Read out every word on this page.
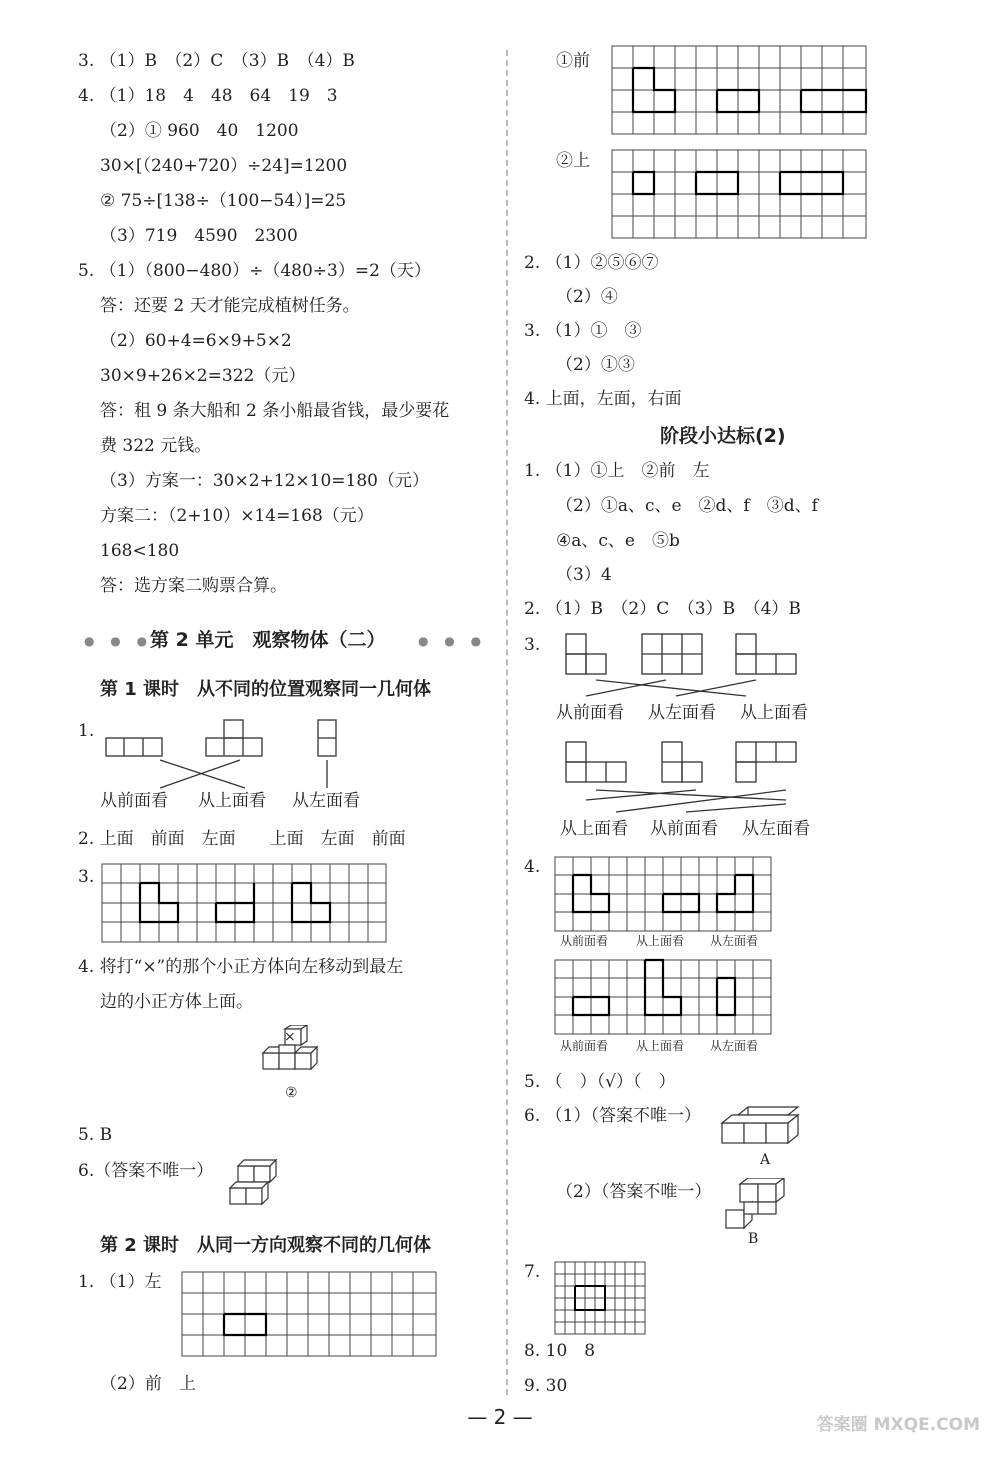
3. （1）B　（2）C　（3）B　（4）B
4. （1）18　4　48　64　19　3
（2）① 960　40　1200
30×[（240+720）÷24]=1200
② 75÷[138÷（100−54）]=25
（3）719　4590　2300
5. （1）（800−480）÷（480÷3）=2（天）
答：还要 2 天才能完成植树任务。
（2）60+4=6×9+5×2
30×9+26×2=322（元）
答：租 9 条大船和 2 条小船最省钱，最少要花
费 322 元钱。
（3）方案一：30×2+12×10=180（元）
方案二：（2+10）×14=168（元）
168<180
答：选方案二购票合算。
● ● ●
第 2 单元　观察物体（二）	● ● ●
第 1 课时　从不同的位置观察同一几何体
1.
从前面看 从上面看 从左面看
2. 上面　前面　左面　　上面　左面　前面
3.
4. 将打“×”的那个小正方体向左移动到最左
边的小正方体上面。
×
②
5. B
6.（答案不唯一）
第 2 课时　从同一方向观察不同的几何体
1. （1）左
（2）前　上
①前
②上
2. （1）②⑤⑥⑦
（2）④
3. （1）①　③
（2）①③
4. 上面，左面，右面
阶段小达标(2)
1. （1）①上　②前　左
（2）①a、c、e　②d、f　③d、f
④a、c、e　⑤b
（3）4
2. （1）B　（2）C　（3）B　（4）B
3.
从前面看 从左面看 从上面看
从上面看 从前面看 从左面看
4.
从前面看 从上面看 从左面看
从前面看 从上面看 从左面看
5. （　）（√）（　）
6. （1）（答案不唯一）
A
（2）（答案不唯一）
B
7.
8. 10　8
9. 30
— 2 —	答案圈 MXQE.COM
